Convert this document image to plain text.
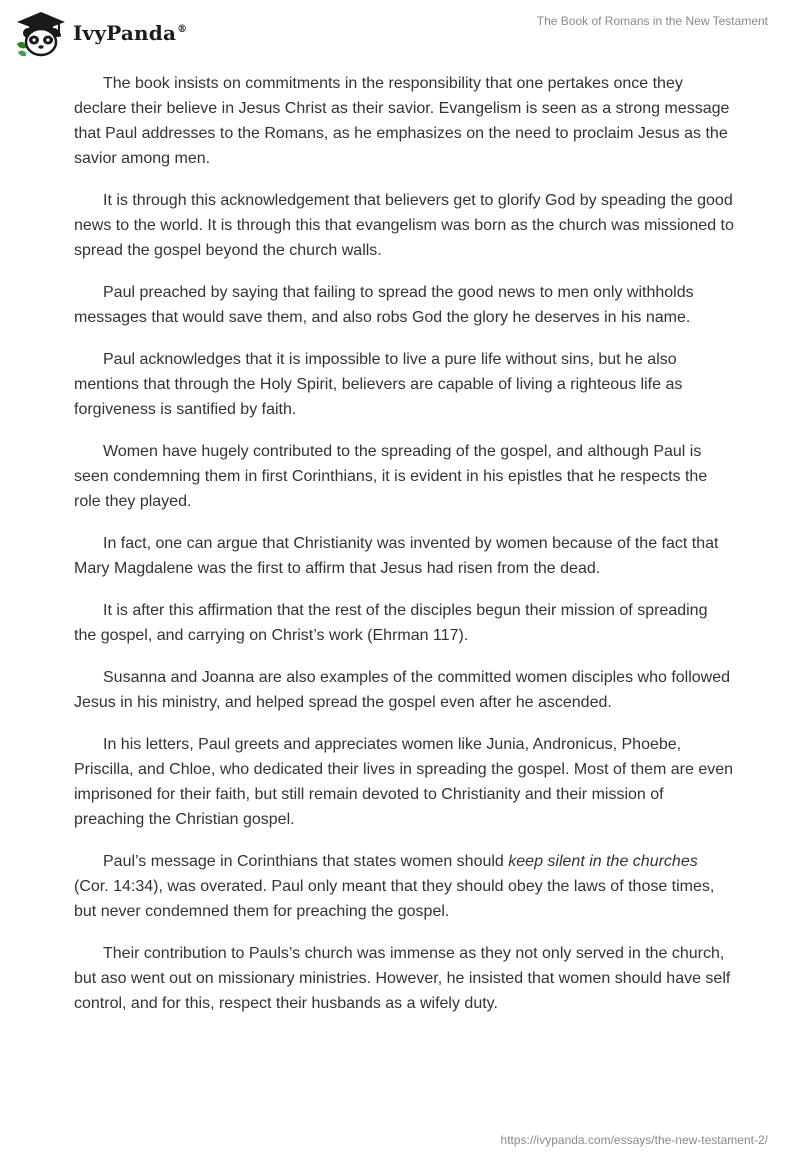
IvyPanda®
The Book of Romans in the New Testament

The book insists on commitments in the responsibility that one pertakes once they declare their believe in Jesus Christ as their savior. Evangelism is seen as a strong message that Paul addresses to the Romans, as he emphasizes on the need to proclaim Jesus as the savior among men.

It is through this acknowledgement that believers get to glorify God by speading the good news to the world. It is through this that evangelism was born as the church was missioned to spread the gospel beyond the church walls.

Paul preached by saying that failing to spread the good news to men only withholds messages that would save them, and also robs God the glory he deserves in his name.

Paul acknowledges that it is impossible to live a pure life without sins, but he also mentions that through the Holy Spirit, believers are capable of living a righteous life as forgiveness is santified by faith.

Women have hugely contributed to the spreading of the gospel, and although Paul is seen condemning them in first Corinthians, it is evident in his epistles that he respects the role they played.

In fact, one can argue that Christianity was invented by women because of the fact that Mary Magdalene was the first to affirm that Jesus had risen from the dead.

It is after this affirmation that the rest of the disciples begun their mission of spreading the gospel, and carrying on Christ’s work (Ehrman 117).

Susanna and Joanna are also examples of the committed women disciples who followed Jesus in his ministry, and helped spread the gospel even after he ascended.

In his letters, Paul greets and appreciates women like Junia, Andronicus, Phoebe, Priscilla, and Chloe, who dedicated their lives in spreading the gospel. Most of them are even imprisoned for their faith, but still remain devoted to Christianity and their mission of preaching the Christian gospel.

Paul’s message in Corinthians that states women should keep silent in the churches (Cor. 14:34), was overated. Paul only meant that they should obey the laws of those times, but never condemned them for preaching the gospel.

Their contribution to Pauls’s church was immense as they not only served in the church, but aso went out on missionary ministries. However, he insisted that women should have self control, and for this, respect their husbands as a wifely duty.

https://ivypanda.com/essays/the-new-testament-2/
